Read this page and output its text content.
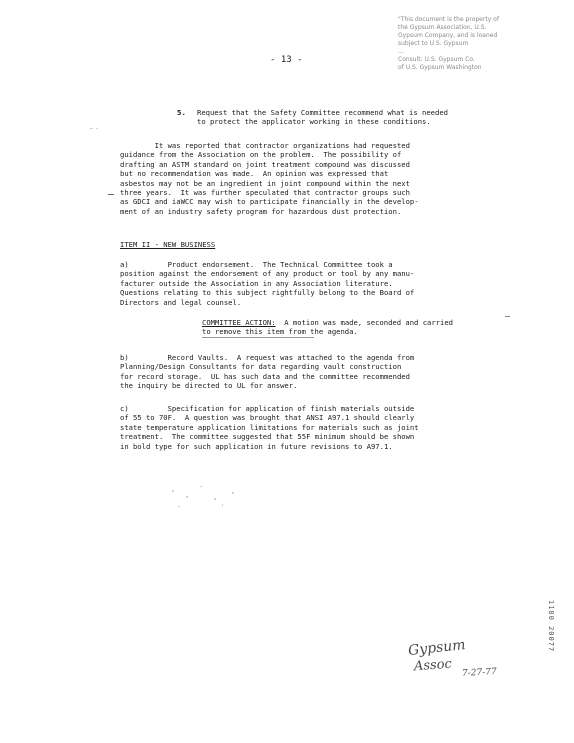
"This document is the property of
the Gypsum Association, U.S.
Gypsum Company, and is loaned
subject to U.S. Gypsum
...
Consult: U.S. Gypsum Co.
of U.S. Gypsum Washington
- 13 -
5. Request that the Safety Committee recommend what is needed
to protect the applicator working in these conditions.
It was reported that contractor organizations had requested
guidance from the Association on the problem.  The possibility of
drafting an ASTM standard on joint treatment compound was discussed
but no recommendation was made.  An opinion was expressed that
asbestos may not be an ingredient in joint compound within the next
three years.  It was further speculated that contractor groups such
as GDCI and iaWCC may wish to participate financially in the develop-
ment of an industry safety program for hazardous dust protection.
ITEM II - NEW BUSINESS
a)         Product endorsement.  The Technical Committee took a
position against the endorsement of any product or tool by any manu-
facturer outside the Association in any Association literature.
Questions relating to this subject rightfully belong to the Board of
Directors and legal counsel.
COMMITTEE ACTION:  A motion was made, seconded and carried
to remove this item from the agenda.
b)         Record Vaults.  A request was attached to the agenda from
Planning/Design Consultants for data regarding vault construction
for record storage.  UL has such data and the committee recommended
the inquiry be directed to UL for answer.
c)         Specification for application of finish materials outside
of 55 to 70F.  A question was brought that ANSI A97.1 should clearly
state temperature application limitations for materials such as joint
treatment.  The committee suggested that 55F minimum should be shown
in bold type for such application in future revisions to A97.1.
1180 20077
Gypsum
Assoc 7-27-77
